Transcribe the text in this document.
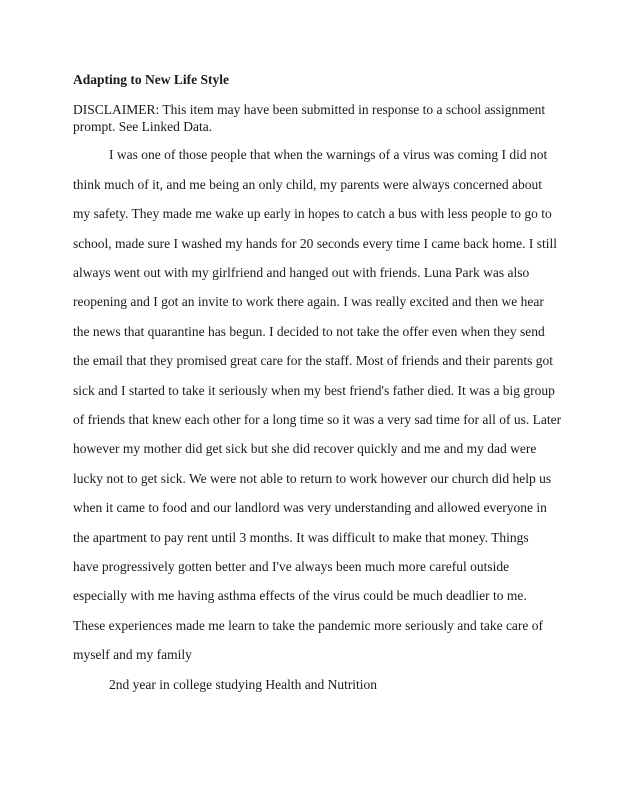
Adapting to New Life Style
DISCLAIMER: This item may have been submitted in response to a school assignment
prompt. See Linked Data.
I was one of those people that when the warnings of a virus was coming I did not
think much of it, and me being an only child, my parents were always concerned about
my safety. They made me wake up early in hopes to catch a bus with less people to go to
school, made sure I washed my hands for 20 seconds every time I came back home. I still
always went out with my girlfriend and hanged out with friends. Luna Park was also
reopening and I got an invite to work there again. I was really excited and then we hear
the news that quarantine has begun. I decided to not take the offer even when they send
the email that they promised great care for the staff. Most of friends and their parents got
sick and I started to take it seriously when my best friend's father died. It was a big group
of friends that knew each other for a long time so it was a very sad time for all of us. Later
however my mother did get sick but she did recover quickly and me and my dad were
lucky not to get sick. We were not able to return to work however our church did help us
when it came to food and our landlord was very understanding and allowed everyone in
the apartment to pay rent until 3 months. It was difficult to make that money. Things
have progressively gotten better and I've always been much more careful outside
especially with me having asthma effects of the virus could be much deadlier to me.
These experiences made me learn to take the pandemic more seriously and take care of
myself and my family
2nd year in college studying Health and Nutrition
